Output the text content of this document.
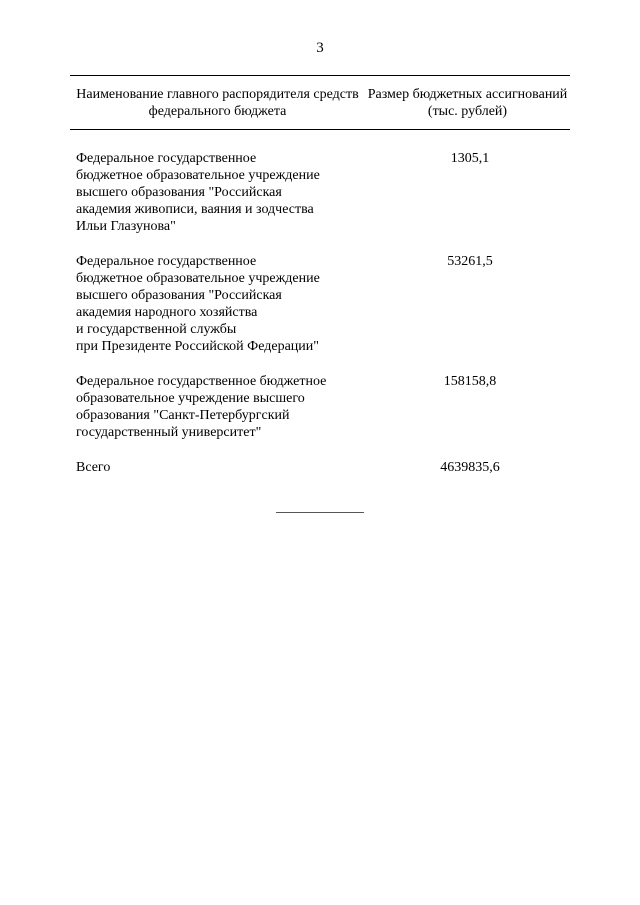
3
Наименование главного распорядителя средств федерального бюджета
Размер бюджетных ассигнований (тыс. рублей)
Федеральное государственное
бюджетное образовательное учреждение
высшего образования "Российская
академия живописи, ваяния и зодчества
Ильи Глазунова"
1305,1
Федеральное государственное
бюджетное образовательное учреждение
высшего образования "Российская
академия народного хозяйства
и государственной службы
при Президенте Российской Федерации"
53261,5
Федеральное государственное бюджетное
образовательное учреждение высшего
образования "Санкт-Петербургский
государственный университет"
158158,8
Всего	4639835,6
